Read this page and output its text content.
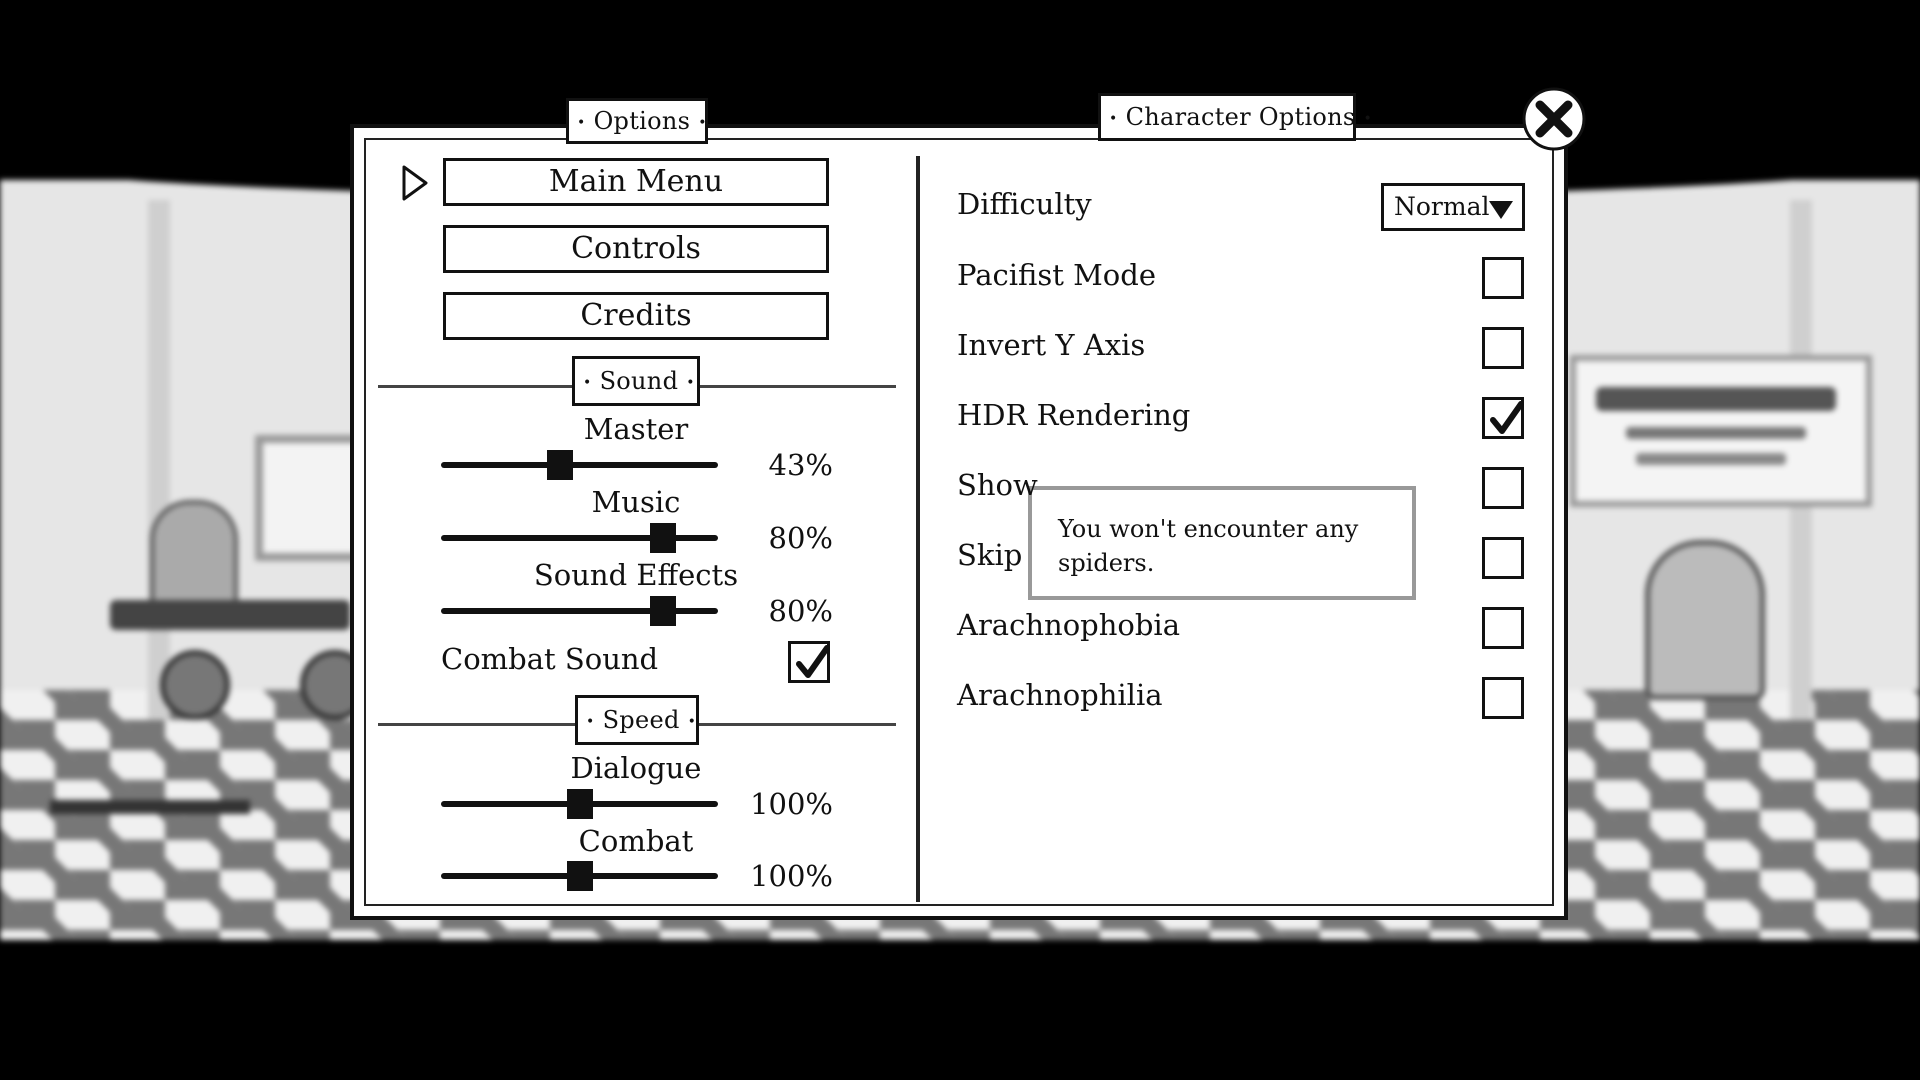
• Options •	• Character Options •
Main Menu
Controls
Credits
• Sound •
Master
43%
Music
80%
Sound Effects
80%
Combat Sound
• Speed •
Dialogue
100%
Combat
100%
Difficulty	Normal
You won't encounter any spiders.
Pacifist Mode
Invert Y Axis
HDR Rendering
Show
Skip
Arachnophobia
Arachnophilia
